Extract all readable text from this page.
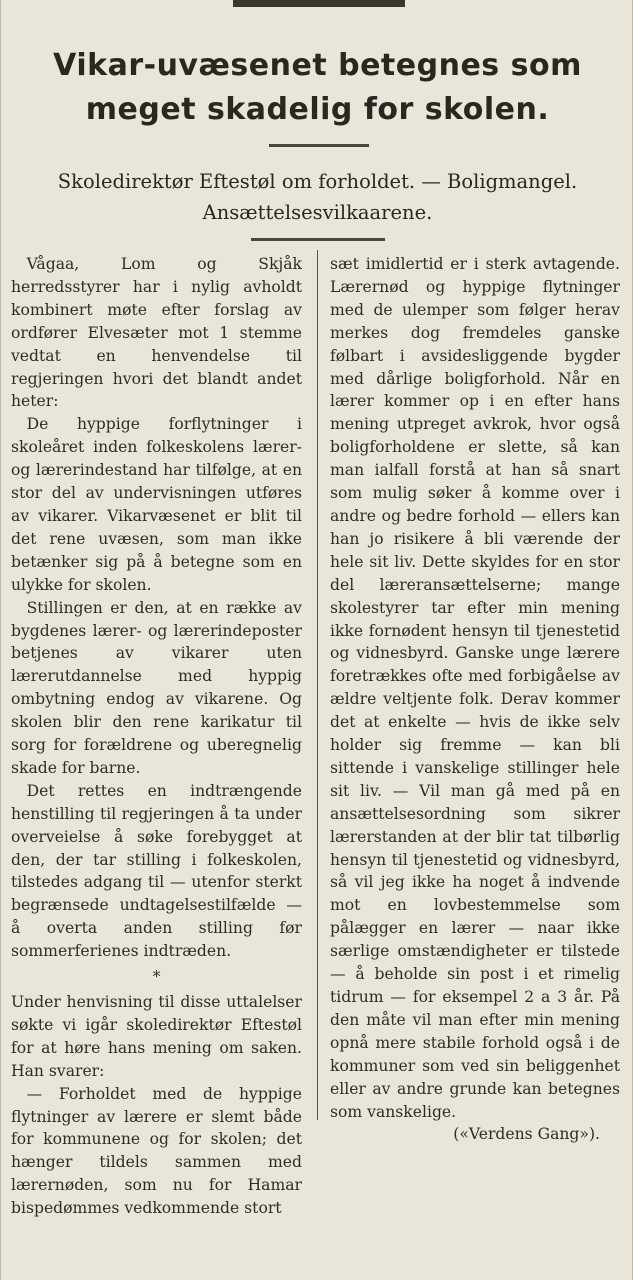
Vikar-uvæsenet betegnes som meget skadelig for skolen.
Skoledirektør Eftestøl om forholdet. — Boligmangel.
Ansættelsesvilkaarene.

Vågaa, Lom og Skjåk herredsstyrer har i nylig avholdt kombinert møte efter forslag av ordfører Elvesæter mot 1 stemme vedtat en henvendelse til regjeringen hvori det blandt andet heter:

De hyppige forflytninger i skoleåret inden folkeskolens lærer- og lærerindestand har tilfølge, at en stor del av undervisningen utføres av vikarer. Vikarvæsenet er blit til det rene uvæsen, som man ikke betænker sig på å betegne som en ulykke for skolen.

Stillingen er den, at en række av bygdenes lærer- og lærerindeposter betjenes av vikarer uten lærerutdannelse med hyppig ombytning endog av vikarene. Og skolen blir den rene karikatur til sorg for forældrene og uberegnelig skade for barne.

Det rettes en indtrængende henstilling til regjeringen å ta under overveielse å søke forebygget at den, der tar stilling i folkeskolen, tilstedes adgang til — utenfor sterkt begrænsede undtagelsestilfælde — å overta anden stilling før sommerferienes indtræden.

*

Under henvisning til disse uttalelser søkte vi igår skoledirektør Eftestøl for at høre hans mening om saken. Han svarer:

— Forholdet med de hyppige flytninger av lærere er slemt både for kommunene og for skolen; det hænger tildels sammen med lærernøden, som nu for Hamar bispedømmes vedkommende stort

sæt imidlertid er i sterk avtagende. Lærernød og hyppige flytninger med de ulemper som følger herav merkes dog fremdeles ganske følbart i avsidesliggende bygder med dårlige boligforhold. Når en lærer kommer op i en efter hans mening utpreget avkrok, hvor også boligforholdene er slette, så kan man ialfall forstå at han så snart som mulig søker å komme over i andre og bedre forhold — ellers kan han jo risikere å bli værende der hele sit liv. Dette skyldes for en stor del læreransættelserne; mange skolestyrer tar efter min mening ikke fornødent hensyn til tjenestetid og vidnesbyrd. Ganske unge lærere foretrækkes ofte med forbigåelse av ældre veltjente folk. Derav kommer det at enkelte — hvis de ikke selv holder sig fremme — kan bli sittende i vanskelige stillinger hele sit liv. — Vil man gå med på en ansættelsesordning som sikrer lærerstanden at der blir tat tilbørlig hensyn til tjenestetid og vidnesbyrd, så vil jeg ikke ha noget å indvende mot en lovbestemmelse som pålægger en lærer — naar ikke særlige omstændigheter er tilstede — å beholde sin post i et rimelig tidrum — for eksempel 2 a 3 år. På den måte vil man efter min mening opnå mere stabile forhold også i de kommuner som ved sin beliggenhet eller av andre grunde kan betegnes som vanskelige.

(«Verdens Gang»).
